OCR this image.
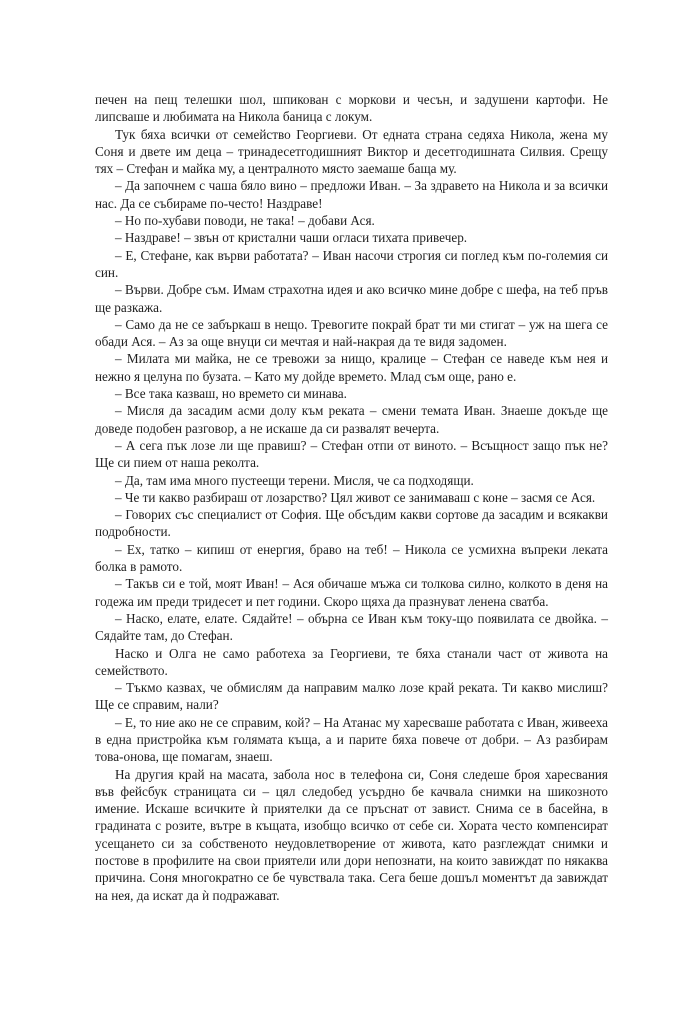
печен на пещ телешки шол, шпикован с моркови и чесън, и задушени картофи. Не липсваше и любимата на Никола баница с локум.

Тук бяха всички от семейство Георгиеви. От едната страна седяха Никола, жена му Соня и двете им деца – тринадесетгодишният Виктор и десетгодишната Силвия. Срещу тях – Стефан и майка му, а централното място заемаше баща му.

– Да започнем с чаша бяло вино – предложи Иван. – За здравето на Никола и за всички нас. Да се събираме по-често! Наздраве!

– Но по-хубави поводи, не така! – добави Ася.

– Наздраве! – звън от кристални чаши огласи тихата привечер.

– Е, Стефане, как върви работата? – Иван насочи строгия си поглед към по-големия си син.

– Върви. Добре съм. Имам страхотна идея и ако всичко мине добре с шефа, на теб пръв ще разкажа.

– Само да не се забъркаш в нещо. Тревогите покрай брат ти ми стигат – уж на шега се обади Ася. – Аз за още внуци си мечтая и най-накрая да те видя задомен.

– Милата ми майка, не се тревожи за нищо, кралице – Стефан се наведе към нея и нежно я целуна по бузата. – Като му дойде времето. Млад съм още, рано е.

– Все така казваш, но времето си минава.

– Мисля да засадим асми долу към реката – смени темата Иван. Знаеше докъде ще доведе подобен разговор, а не искаше да си развалят вечерта.

– А сега пък лозе ли ще правиш? – Стефан отпи от виното. – Всъщност защо пък не? Ще си пием от наша реколта.

– Да, там има много пустеещи терени. Мисля, че са подходящи.

– Че ти какво разбираш от лозарство? Цял живот се занимаваш с коне – засмя се Ася.

– Говорих със специалист от София. Ще обсъдим какви сортове да засадим и всякакви подробности.

– Ех, татко – кипиш от енергия, браво на теб! – Никола се усмихна въпреки леката болка в рамото.

– Такъв си е той, моят Иван! – Ася обичаше мъжа си толкова силно, колкото в деня на годежа им преди тридесет и пет години. Скоро щяха да празнуват ленена сватба.

– Наско, елате, елате. Сядайте! – обърна се Иван към току-що появилата се двойка. – Сядайте там, до Стефан.

Наско и Олга не само работеха за Георгиеви, те бяха станали част от живота на семейството.

– Тъкмо казвах, че обмислям да направим малко лозе край реката. Ти какво мислиш? Ще се справим, нали?

– Е, то ние ако не се справим, кой? – На Атанас му харесваше работата с Иван, живееха в една пристройка към голямата къща, а и парите бяха повече от добри. – Аз разбирам това-онова, ще помагам, знаеш.

На другия край на масата, забола нос в телефона си, Соня следеше броя харесвания във фейсбук страницата си – цял следобед усърдно бе качвала снимки на шикозното имение. Искаше всичките ѝ приятелки да се пръснат от завист. Снима се в басейна, в градината с розите, вътре в къщата, изобщо всичко от себе си. Хората често компенсират усещането си за собственото неудовлетворение от живота, като разглеждат снимки и постове в профилите на свои приятели или дори непознати, на които завиждат по някаква причина. Соня многократно се бе чувствала така. Сега беше дошъл моментът да завиждат на нея, да искат да ѝ подражават.
